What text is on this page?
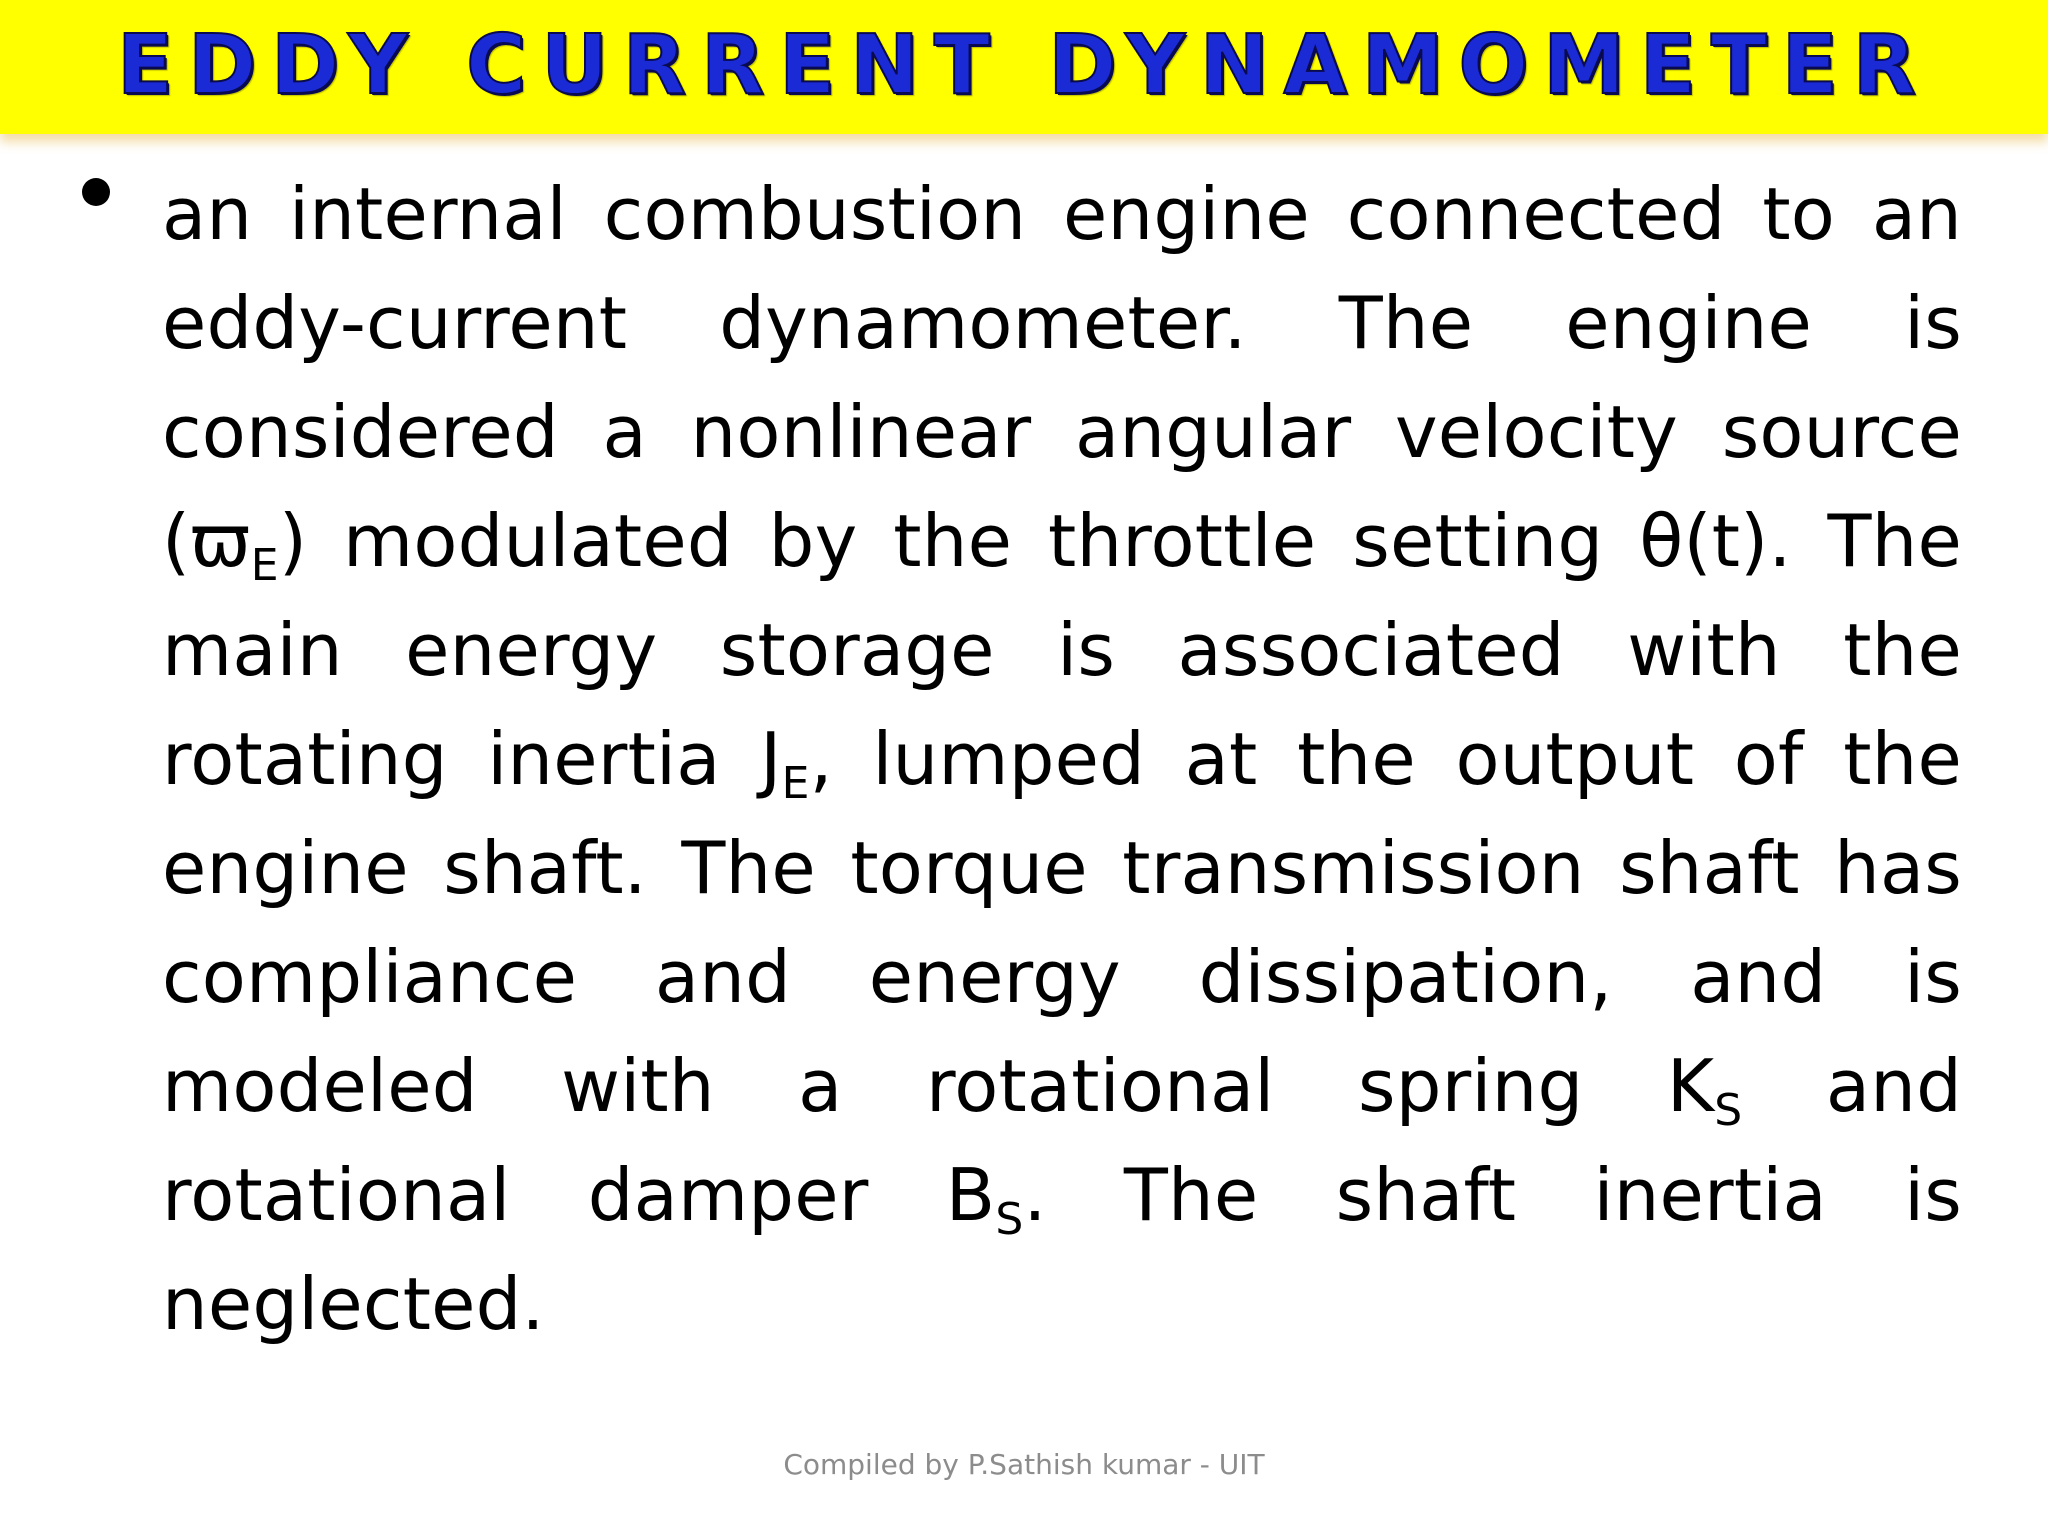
EDDY CURRENT DYNAMOMETER

an internal combustion engine connected to an eddy-current dynamometer. The engine is considered a nonlinear angular velocity source $(ϖ_E)$ modulated by the throttle setting θ(t). The main energy storage is associated with the rotating inertia $J_E$, lumped at the output of the engine shaft. The torque transmission shaft has compliance and energy dissipation, and is modeled with a rotational spring $K_S$ and rotational damper $B_S$. The shaft inertia is neglected.

Compiled by P.Sathish kumar - UIT
